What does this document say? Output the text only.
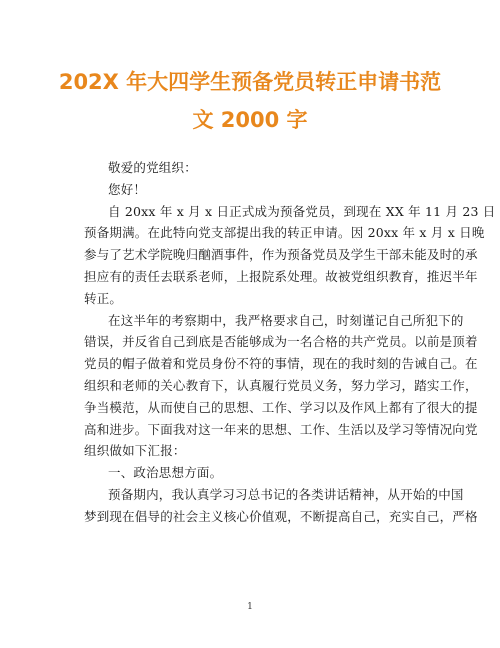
202X 年大四学生预备党员转正申请书范
文 2000 字
敬爱的党组织：
您好！
自 20xx 年 x 月 x 日正式成为预备党员，到现在 XX 年 11 月 23 日
预备期满。在此特向党支部提出我的转正申请。因 20xx 年 x 月 x 日晚
参与了艺术学院晚归酗酒事件，作为预备党员及学生干部未能及时的承
担应有的责任去联系老师，上报院系处理。故被党组织教育，推迟半年
转正。
在这半年的考察期中，我严格要求自己，时刻谨记自己所犯下的
错误，并反省自己到底是否能够成为一名合格的共产党员。以前是顶着
党员的帽子做着和党员身份不符的事情，现在的我时刻的告诫自己。在
组织和老师的关心教育下，认真履行党员义务，努力学习，踏实工作，
争当模范，从而使自己的思想、工作、学习以及作风上都有了很大的提
高和进步。下面我对这一年来的思想、工作、生活以及学习等情况向党
组织做如下汇报：
一、政治思想方面。
预备期内，我认真学习习总书记的各类讲话精神，从开始的中国
梦到现在倡导的社会主义核心价值观，不断提高自己，充实自己，严格
1
